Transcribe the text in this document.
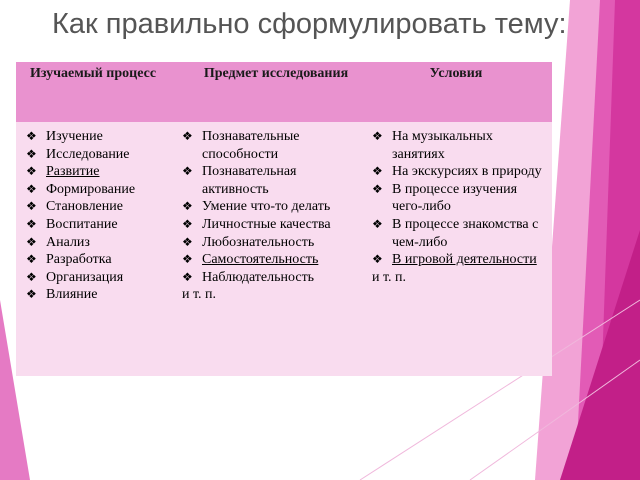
Как правильно сформулировать тему:
Изучаемый процесс	Предмет исследования	Условия
❖ Изучение
❖ Исследование
❖ Развитие
❖ Формирование
❖ Становление
❖ Воспитание
❖ Анализ
❖ Разработка
❖ Организация
❖ Влияние
❖ Познавательные способности
❖ Познавательная активность
❖ Умение что-то делать
❖ Личностные качества
❖ Любознательность
❖ Самостоятельность
❖ Наблюдательность
и т. п.
❖ На музыкальных занятиях
❖ На экскурсиях в природу
❖ В процессе изучения чего-либо
❖ В процессе знакомства с чем-либо
❖ В игровой деятельности
и т. п.
